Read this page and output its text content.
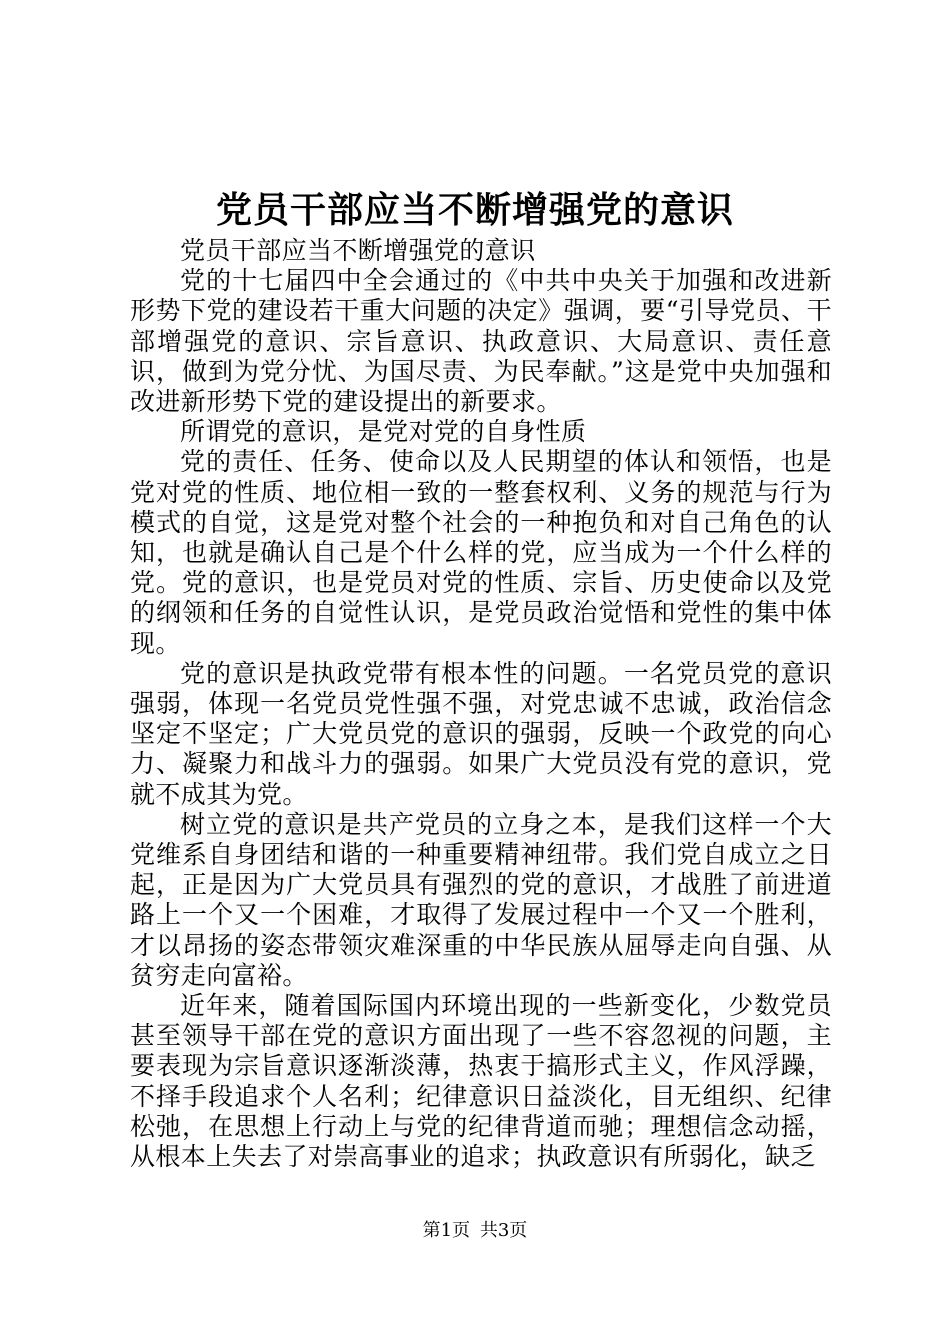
党员干部应当不断增强党的意识

党员干部应当不断增强党的意识

党的十七届四中全会通过的《中共中央关于加强和改进新形势下党的建设若干重大问题的决定》强调，要“引导党员、干部增强党的意识、宗旨意识、执政意识、大局意识、责任意识，做到为党分忧、为国尽责、为民奉献。”这是党中央加强和改进新形势下党的建设提出的新要求。

所谓党的意识，是党对党的自身性质

党的责任、任务、使命以及人民期望的体认和领悟，也是党对党的性质、地位相一致的一整套权利、义务的规范与行为模式的自觉，这是党对整个社会的一种抱负和对自己角色的认知，也就是确认自己是个什么样的党，应当成为一个什么样的党。党的意识，也是党员对党的性质、宗旨、历史使命以及党的纲领和任务的自觉性认识，是党员政治觉悟和党性的集中体现。

党的意识是执政党带有根本性的问题。一名党员党的意识强弱，体现一名党员党性强不强，对党忠诚不忠诚，政治信念坚定不坚定；广大党员党的意识的强弱，反映一个政党的向心力、凝聚力和战斗力的强弱。如果广大党员没有党的意识，党就不成其为党。

树立党的意识是共产党员的立身之本，是我们这样一个大党维系自身团结和谐的一种重要精神纽带。我们党自成立之日起，正是因为广大党员具有强烈的党的意识，才战胜了前进道路上一个又一个困难，才取得了发展过程中一个又一个胜利，才以昂扬的姿态带领灾难深重的中华民族从屈辱走向自强、从贫穷走向富裕。

近年来，随着国际国内环境出现的一些新变化，少数党员甚至领导干部在党的意识方面出现了一些不容忽视的问题，主要表现为宗旨意识逐渐淡薄，热衷于搞形式主义，作风浮躁，不择手段追求个人名利；纪律意识日益淡化，目无组织、纪律松弛，在思想上行动上与党的纪律背道而驰；理想信念动摇，从根本上失去了对崇高事业的追求；执政意识有所弱化，缺乏

第1页 共3页
